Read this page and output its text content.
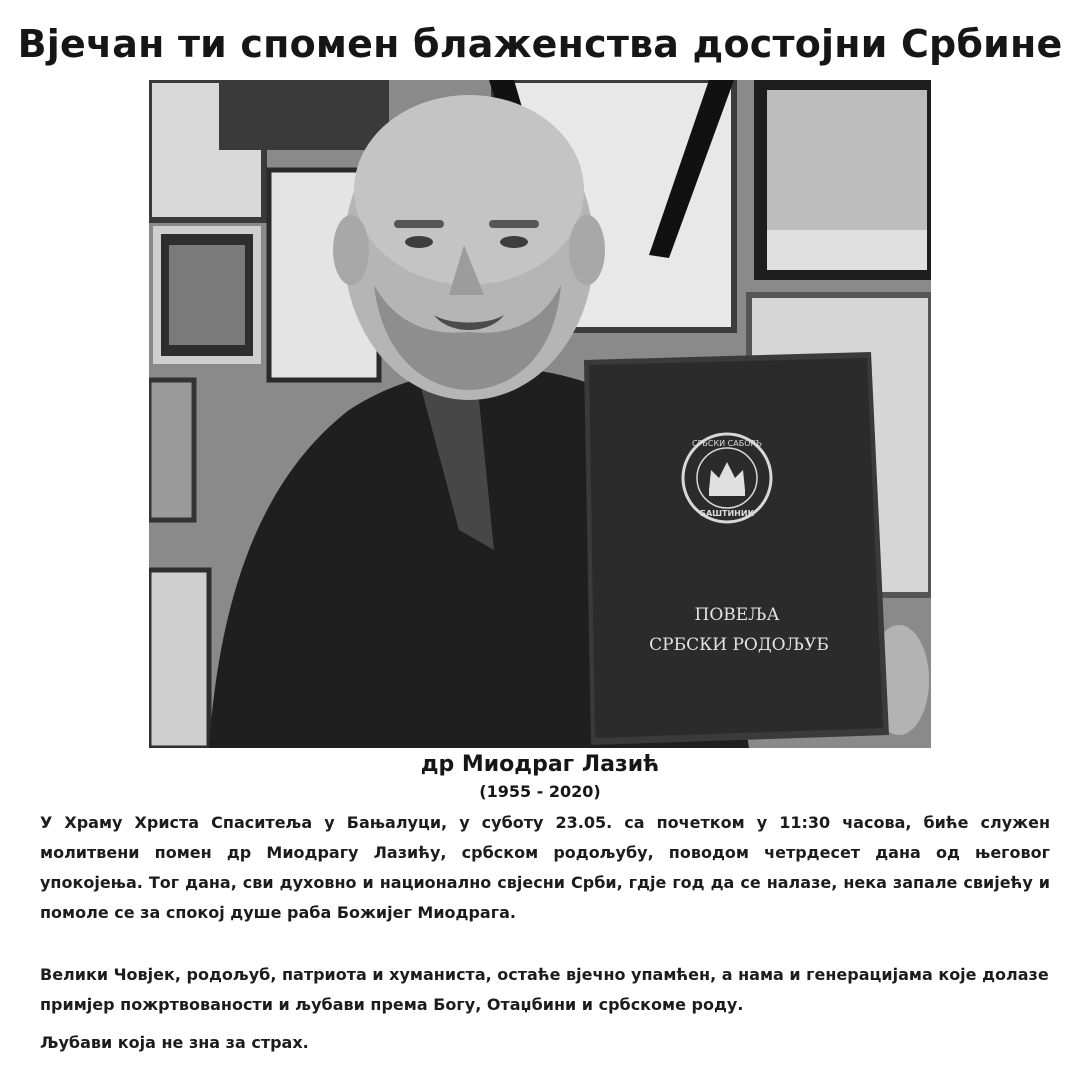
Вјечан ти спомен блаженства достојни Србине
СРБСКИ САБОРЪ
БАШТИНИК
ПОВЕЉА
СРБСКИ РОДОЉУБ
др Миодраг Лазић
(1955 - 2020)
У Храму Христа Спаситеља у Бањалуци, у суботу 23.05. са почетком у 11:30 часова, биће служен молитвени помен др Миодрагу Лазићу, србском родољубу, поводом четрдесет дана од његовог упокојења. Тог дана, сви духовно и национално свјесни Срби, гдје год да се налазе, нека запале свијећу и помоле се за спокој душе раба Божијег Миодрага.
Велики Човјек, родољуб, патриота и хуманиста, остаће вјечно упамћен, а нама и генерацијама које долазе примјер пожртвованости и љубави према Богу, Отаџбини и србскоме роду.
Љубави која не зна за страх.
